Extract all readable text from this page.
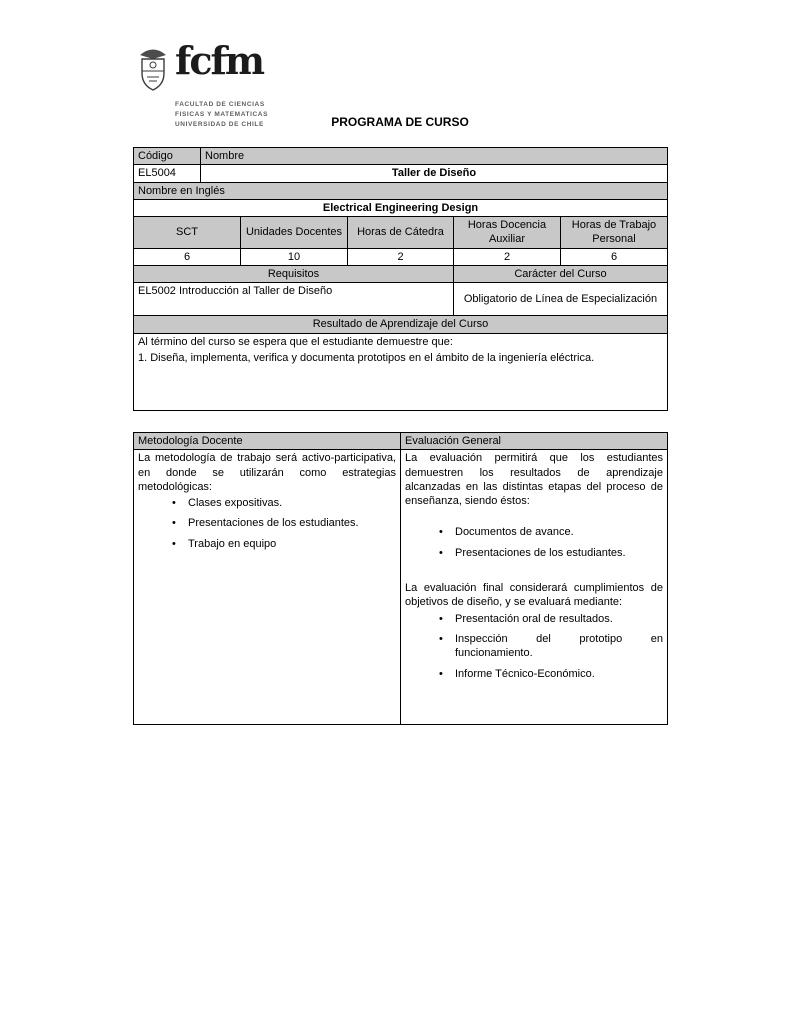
fcfm
FACULTAD DE CIENCIAS
FISICAS Y MATEMATICAS
UNIVERSIDAD DE CHILE	PROGRAMA DE CURSO
Código	Nombre				
EL5004	Taller de Diseño				
Nombre en Inglés					
Electrical Engineering Design					
SCT		Unidades Docentes	Horas de Cátedra	Horas Docencia Auxiliar	Horas de Trabajo Personal
6		10	2	2	6
Requisitos				Carácter del Curso	
EL5002 Introducción al Taller de Diseño				Obligatorio de Línea de Especialización	
Resultado de Aprendizaje del Curso					

Al término del curso se espera que el estudiante demuestre que:
1. Diseña, implementa, verifica y documenta prototipos en el ámbito de la ingeniería eléctrica.					
Metodología Docente	Evaluación General

La metodología de trabajo será activo-participativa, en donde se utilizarán como estrategias metodológicas:
•	Clases expositivas.
•	Presentaciones de los estudiantes.
•	Trabajo en equipo

La evaluación permitirá que los estudiantes demuestren los resultados de aprendizaje alcanzadas en las distintas etapas del proceso de enseñanza, siendo éstos:
•	Documentos de avance.
•	Presentaciones de los estudiantes.
La evaluación final considerará cumplimientos de objetivos de diseño, y se evaluará mediante:
•	Presentación oral de resultados.
•	Inspección del prototipo en funcionamiento.
•	Informe Técnico-Económico.
